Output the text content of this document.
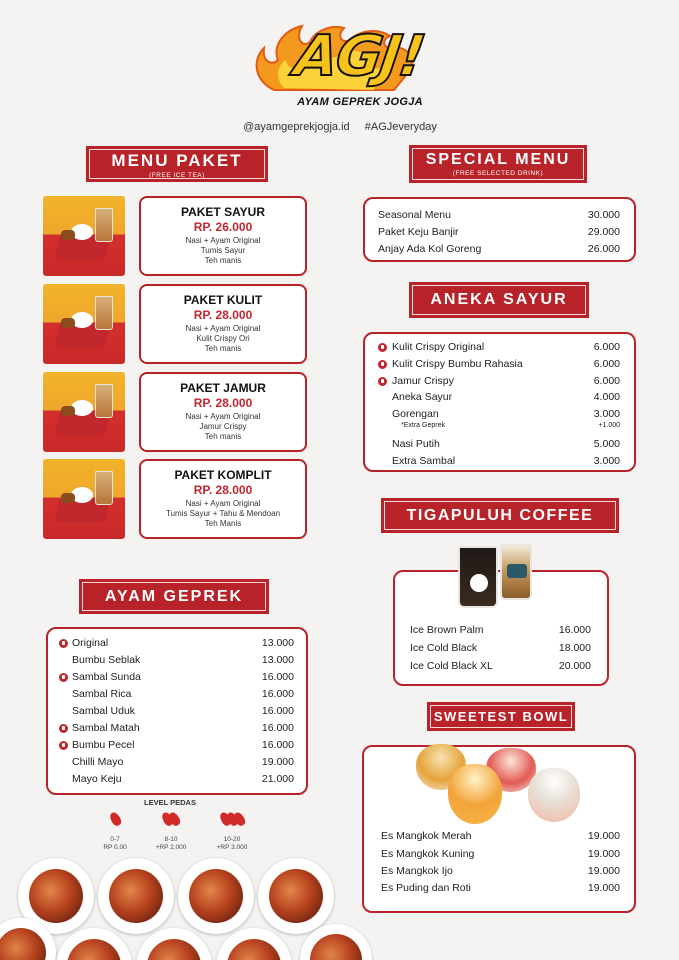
AGJ!
AYAM GEPREK JOGJA
@ayamgeprekjogja.id #AGJeveryday
MENU PAKET
(FREE ICE TEA)
PAKET SAYUR
RP. 26.000
Nasi + Ayam Original
Tumis Sayur
Teh manis
PAKET KULIT
RP. 28.000
Nasi + Ayam Original
Kulit Crispy Ori
Teh manis
PAKET JAMUR
RP. 28.000
Nasi + Ayam Original
Jamur Crispy
Teh manis
PAKET KOMPLIT
RP. 28.000
Nasi + Ayam Original
Tumis Sayur + Tahu & Mendoan
Teh Manis
AYAM GEPREK
Original	13.000
Bumbu Seblak	13.000
Sambal Sunda	16.000
Sambal Rica	16.000
Sambal Uduk	16.000
Sambal Matah	16.000
Bumbu Pecel	16.000
Chilli Mayo	19.000
Mayo Keju	21.000
LEVEL PEDAS
0-7
RP 0.00
8-10
+RP 2.000
10-20
+RP 3.000
SPECIAL MENU
(FREE SELECTED DRINK)
Seasonal Menu	30.000
Paket Keju Banjir	29.000
Anjay Ada Kol Goreng	26.000
ANEKA SAYUR
Kulit Crispy Original	6.000
Kulit Crispy Bumbu Rahasia	6.000
Jamur Crispy	6.000
Aneka Sayur	4.000
Gorengan	3.000
*Extra Geprek	+1.000
Nasi Putih	5.000
Extra Sambal	3.000
TIGAPULUH COFFEE
Ice Brown Palm	16.000
Ice Cold Black	18.000
Ice Cold Black XL	20.000
SWEETEST BOWL
Es Mangkok Merah	19.000
Es Mangkok Kuning	19.000
Es Mangkok Ijo	19.000
Es Puding dan Roti	19.000
